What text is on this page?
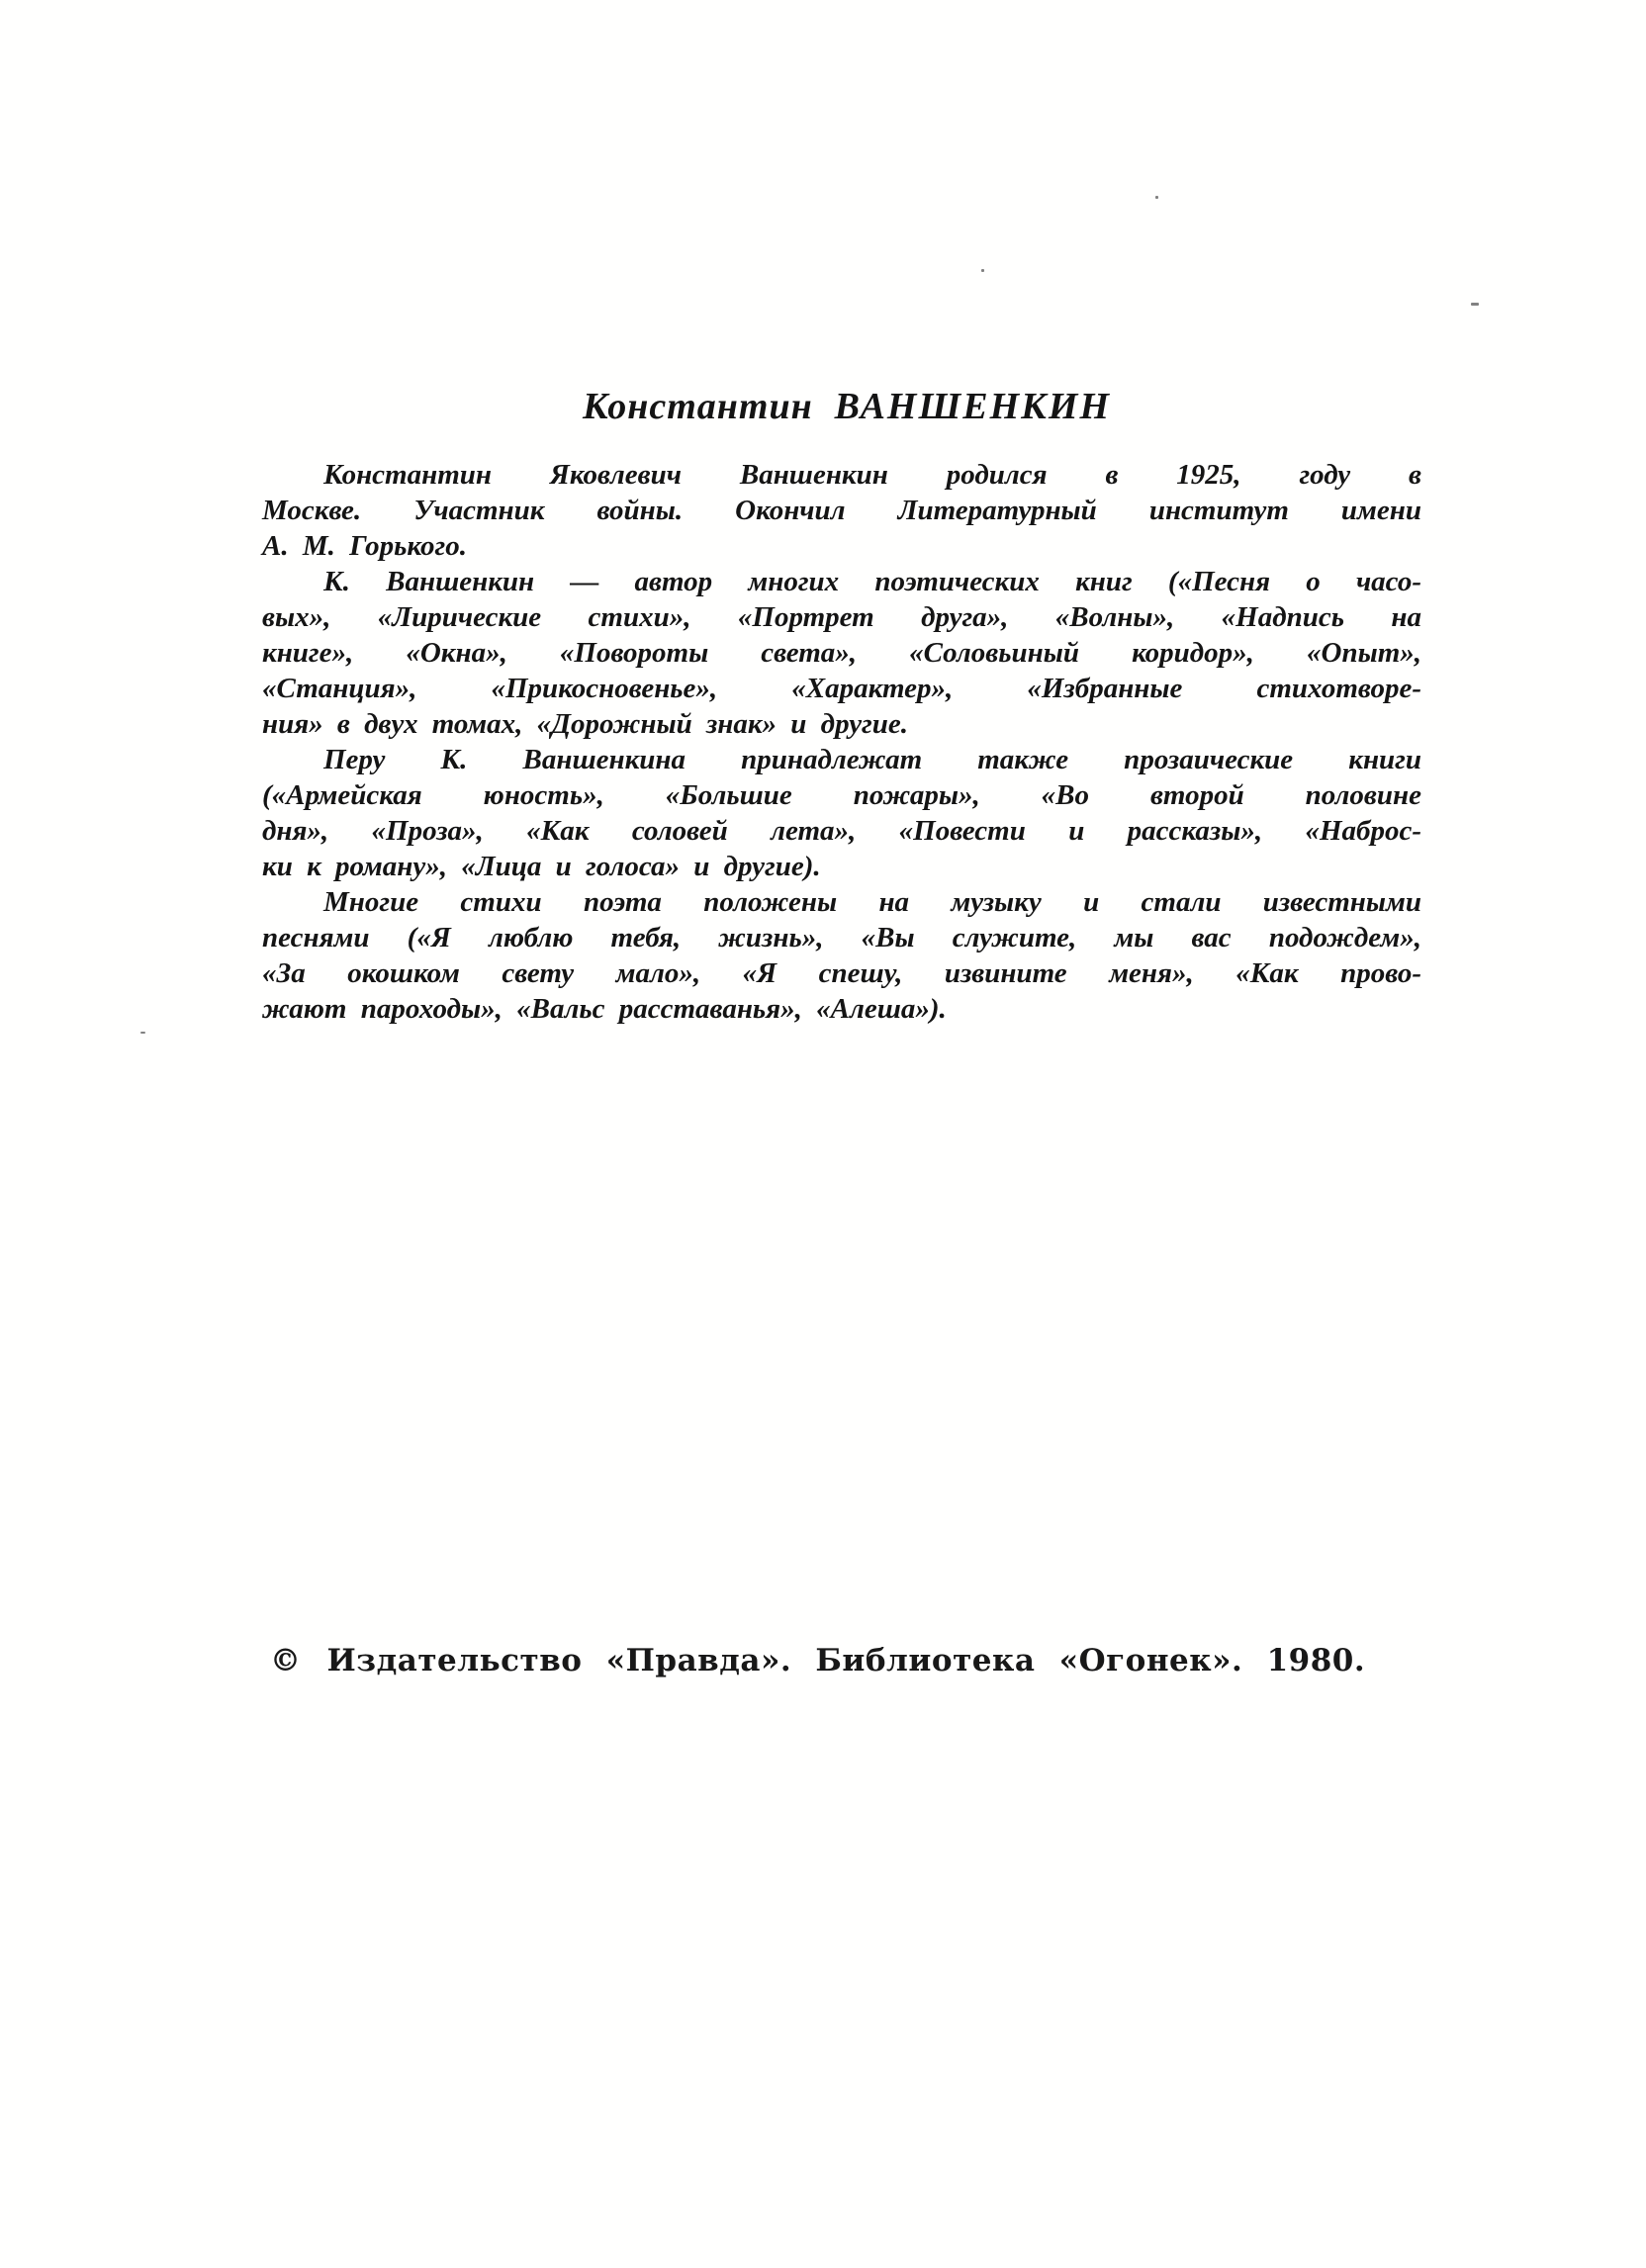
Константин ВАНШЕНКИН
Константин Яковлевич Ваншенкин родился в 1925, году в
Москве. Участник войны. Окончил Литературный институт имени
А. М. Горького.
К. Ваншенкин — автор многих поэтических книг («Песня о часо-
вых», «Лирические стихи», «Портрет друга», «Волны», «Надпись на
книге», «Окна», «Повороты света», «Соловьиный коридор», «Опыт»,
«Станция», «Прикосновенье», «Характер», «Избранные стихотворе-
ния» в двух томах, «Дорожный знак» и другие.
Перу К. Ваншенкина принадлежат также прозаические книги
(«Армейская юность», «Большие пожары», «Во второй половине
дня», «Проза», «Как соловей лета», «Повести и рассказы», «Наброс-
ки к роману», «Лица и голоса» и другие).
Многие стихи поэта положены на музыку и стали известными
песнями («Я люблю тебя, жизнь», «Вы служите, мы вас подождем»,
«За окошком свету мало», «Я спешу, извините меня», «Как прово-
жают пароходы», «Вальс расставанья», «Алеша»).
© Издательство «Правда». Библиотека «Огонек». 1980.
